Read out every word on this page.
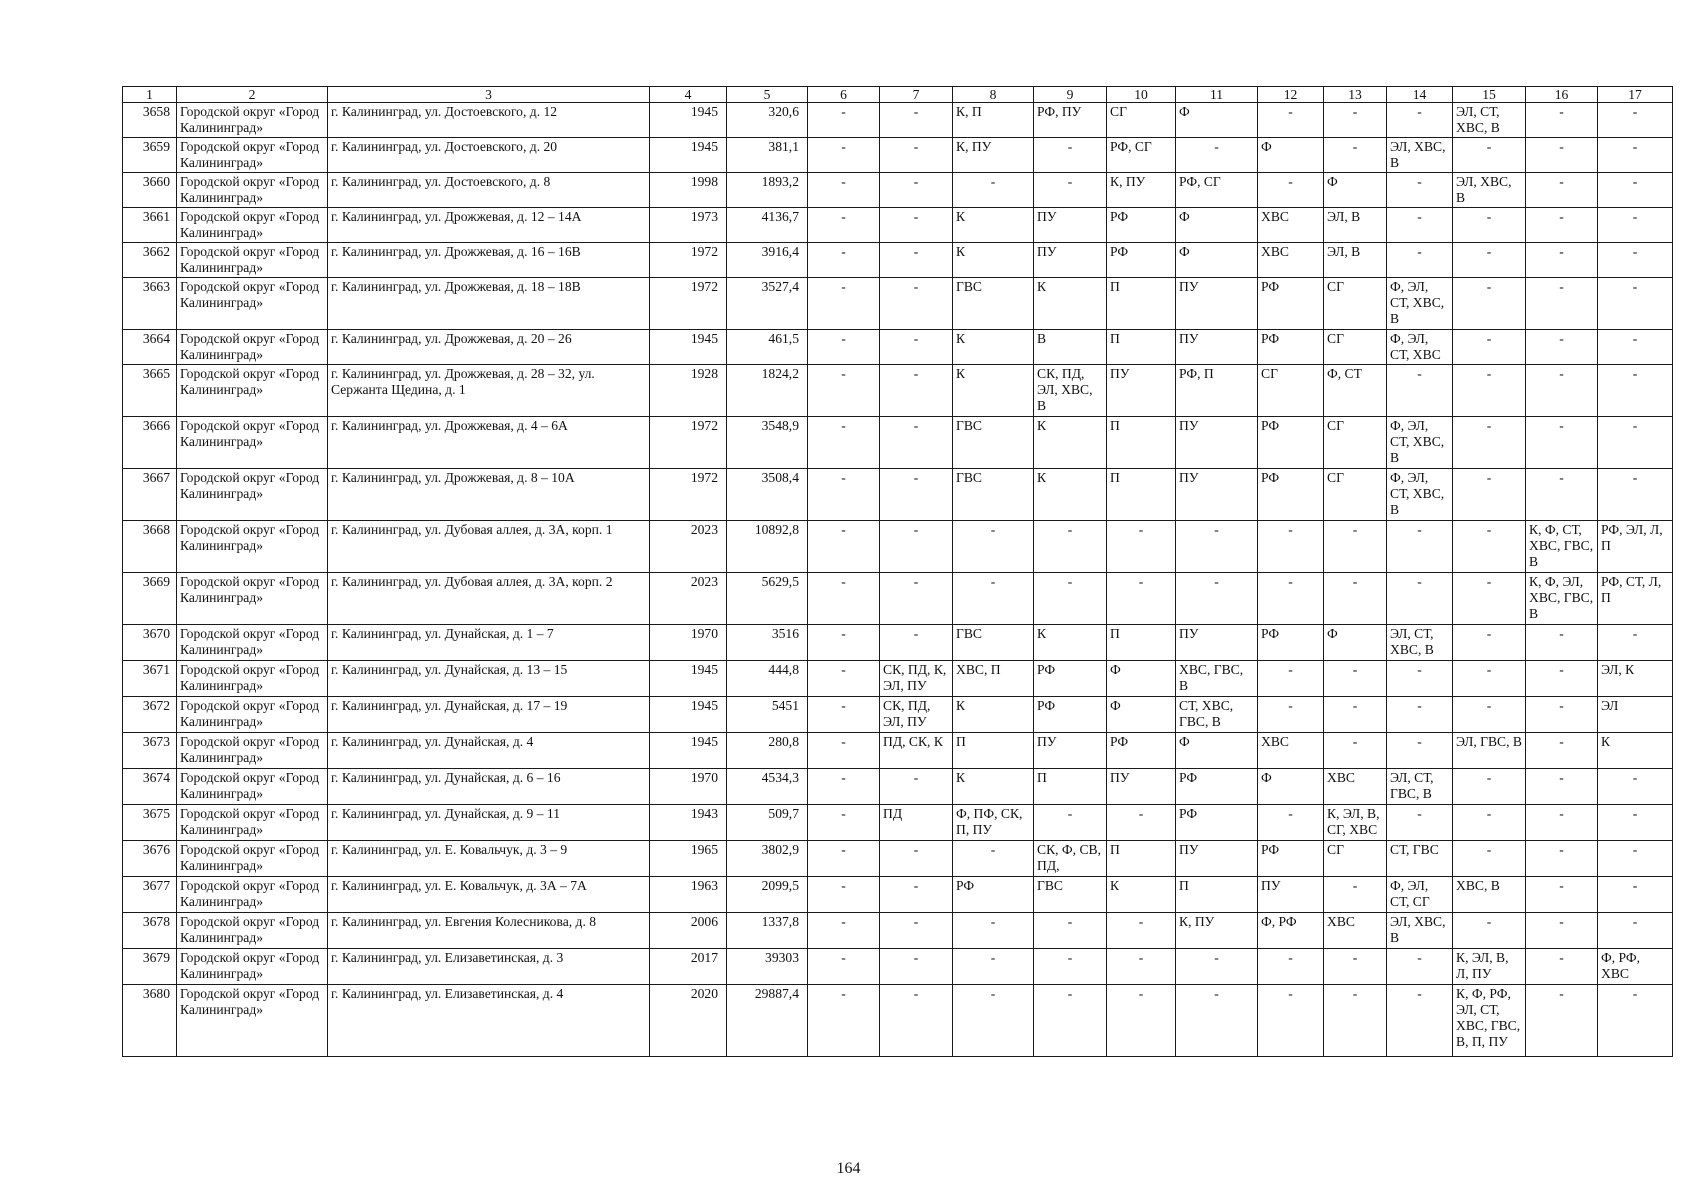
1	2	3	4	5	6	7	8	9	10	11	12	13	14	15	16	17
3658	Городской округ «Город Калининград»	г. Калининград, ул. Достоевского, д. 12	1945	320,6	-	-	К, П	РФ, ПУ	СГ	Ф	-	-	-	ЭЛ, СТ, ХВС, В	-	-
3659	Городской округ «Город Калининград»	г. Калининград, ул. Достоевского, д. 20	1945	381,1	-	-	К, ПУ	-	РФ, СГ	-	Ф	-	ЭЛ, ХВС, В	-	-	-
3660	Городской округ «Город Калининград»	г. Калининград, ул. Достоевского, д. 8	1998	1893,2	-	-	-	-	К, ПУ	РФ, СГ	-	Ф	-	ЭЛ, ХВС, В	-	-
3661	Городской округ «Город Калининград»	г. Калининград, ул. Дрожжевая, д. 12 – 14А	1973	4136,7	-	-	К	ПУ	РФ	Ф	ХВС	ЭЛ, В	-	-	-	-
3662	Городской округ «Город Калининград»	г. Калининград, ул. Дрожжевая, д. 16 – 16В	1972	3916,4	-	-	К	ПУ	РФ	Ф	ХВС	ЭЛ, В	-	-	-	-
3663	Городской округ «Город Калининград»	г. Калининград, ул. Дрожжевая, д. 18 – 18В	1972	3527,4	-	-	ГВС	К	П	ПУ	РФ	СГ	Ф, ЭЛ, СТ, ХВС, В	-	-	-
3664	Городской округ «Город Калининград»	г. Калининград, ул. Дрожжевая, д. 20 – 26	1945	461,5	-	-	К	В	П	ПУ	РФ	СГ	Ф, ЭЛ, СТ, ХВС	-	-	-
3665	Городской округ «Город Калининград»	г. Калининград, ул. Дрожжевая, д. 28 – 32, ул. Сержанта Щедина, д. 1	1928	1824,2	-	-	К	СК, ПД, ЭЛ, ХВС, В	ПУ	РФ, П	СГ	Ф, СТ	-	-	-	-
3666	Городской округ «Город Калининград»	г. Калининград, ул. Дрожжевая, д. 4 – 6А	1972	3548,9	-	-	ГВС	К	П	ПУ	РФ	СГ	Ф, ЭЛ, СТ, ХВС, В	-	-	-
3667	Городской округ «Город Калининград»	г. Калининград, ул. Дрожжевая, д. 8 – 10А	1972	3508,4	-	-	ГВС	К	П	ПУ	РФ	СГ	Ф, ЭЛ, СТ, ХВС, В	-	-	-
3668	Городской округ «Город Калининград»	г. Калининград, ул. Дубовая аллея, д. 3А, корп. 1	2023	10892,8	-	-	-	-	-	-	-	-	-	-	К, Ф, СТ, ХВС, ГВС, В	РФ, ЭЛ, Л, П
3669	Городской округ «Город Калининград»	г. Калининград, ул. Дубовая аллея, д. 3А, корп. 2	2023	5629,5	-	-	-	-	-	-	-	-	-	-	К, Ф, ЭЛ, ХВС, ГВС, В	РФ, СТ, Л, П
3670	Городской округ «Город Калининград»	г. Калининград, ул. Дунайская, д. 1 – 7	1970	3516	-	-	ГВС	К	П	ПУ	РФ	Ф	ЭЛ, СТ, ХВС, В	-	-	-
3671	Городской округ «Город Калининград»	г. Калининград, ул. Дунайская, д. 13 – 15	1945	444,8	-	СК, ПД, К, ЭЛ, ПУ	ХВС, П	РФ	Ф	ХВС, ГВС, В	-	-	-	-	-	ЭЛ, К
3672	Городской округ «Город Калининград»	г. Калининград, ул. Дунайская, д. 17 – 19	1945	5451	-	СК, ПД, ЭЛ, ПУ	К	РФ	Ф	СТ, ХВС, ГВС, В	-	-	-	-	-	ЭЛ
3673	Городской округ «Город Калининград»	г. Калининград, ул. Дунайская, д. 4	1945	280,8	-	ПД, СК, К	П	ПУ	РФ	Ф	ХВС	-	-	ЭЛ, ГВС, В	-	К
3674	Городской округ «Город Калининград»	г. Калининград, ул. Дунайская, д. 6 – 16	1970	4534,3	-	-	К	П	ПУ	РФ	Ф	ХВС	ЭЛ, СТ, ГВС, В	-	-	-
3675	Городской округ «Город Калининград»	г. Калининград, ул. Дунайская, д. 9 – 11	1943	509,7	-	ПД	Ф, ПФ, СК, П, ПУ	-	-	РФ	-	К, ЭЛ, В, СГ, ХВС	-	-	-	-
3676	Городской округ «Город Калининград»	г. Калининград, ул. Е. Ковальчук, д. 3 – 9	1965	3802,9	-	-	-	СК, Ф, СВ, ПД,	П	ПУ	РФ	СГ	СТ, ГВС	-	-	-
3677	Городской округ «Город Калининград»	г. Калининград, ул. Е. Ковальчук, д. 3А – 7А	1963	2099,5	-	-	РФ	ГВС	К	П	ПУ	-	Ф, ЭЛ, СТ, СГ	ХВС, В	-	-
3678	Городской округ «Город Калининград»	г. Калининград, ул. Евгения Колесникова, д. 8	2006	1337,8	-	-	-	-	-	К, ПУ	Ф, РФ	ХВС	ЭЛ, ХВС, В	-	-	-
3679	Городской округ «Город Калининград»	г. Калининград, ул. Елизаветинская, д. 3	2017	39303	-	-	-	-	-	-	-	-	-	К, ЭЛ, В, Л, ПУ	-	Ф, РФ, ХВС
3680	Городской округ «Город Калининград»	г. Калининград, ул. Елизаветинская, д. 4	2020	29887,4	-	-	-	-	-	-	-	-	-	К, Ф, РФ, ЭЛ, СТ, ХВС, ГВС, В, П, ПУ	-	-
164
